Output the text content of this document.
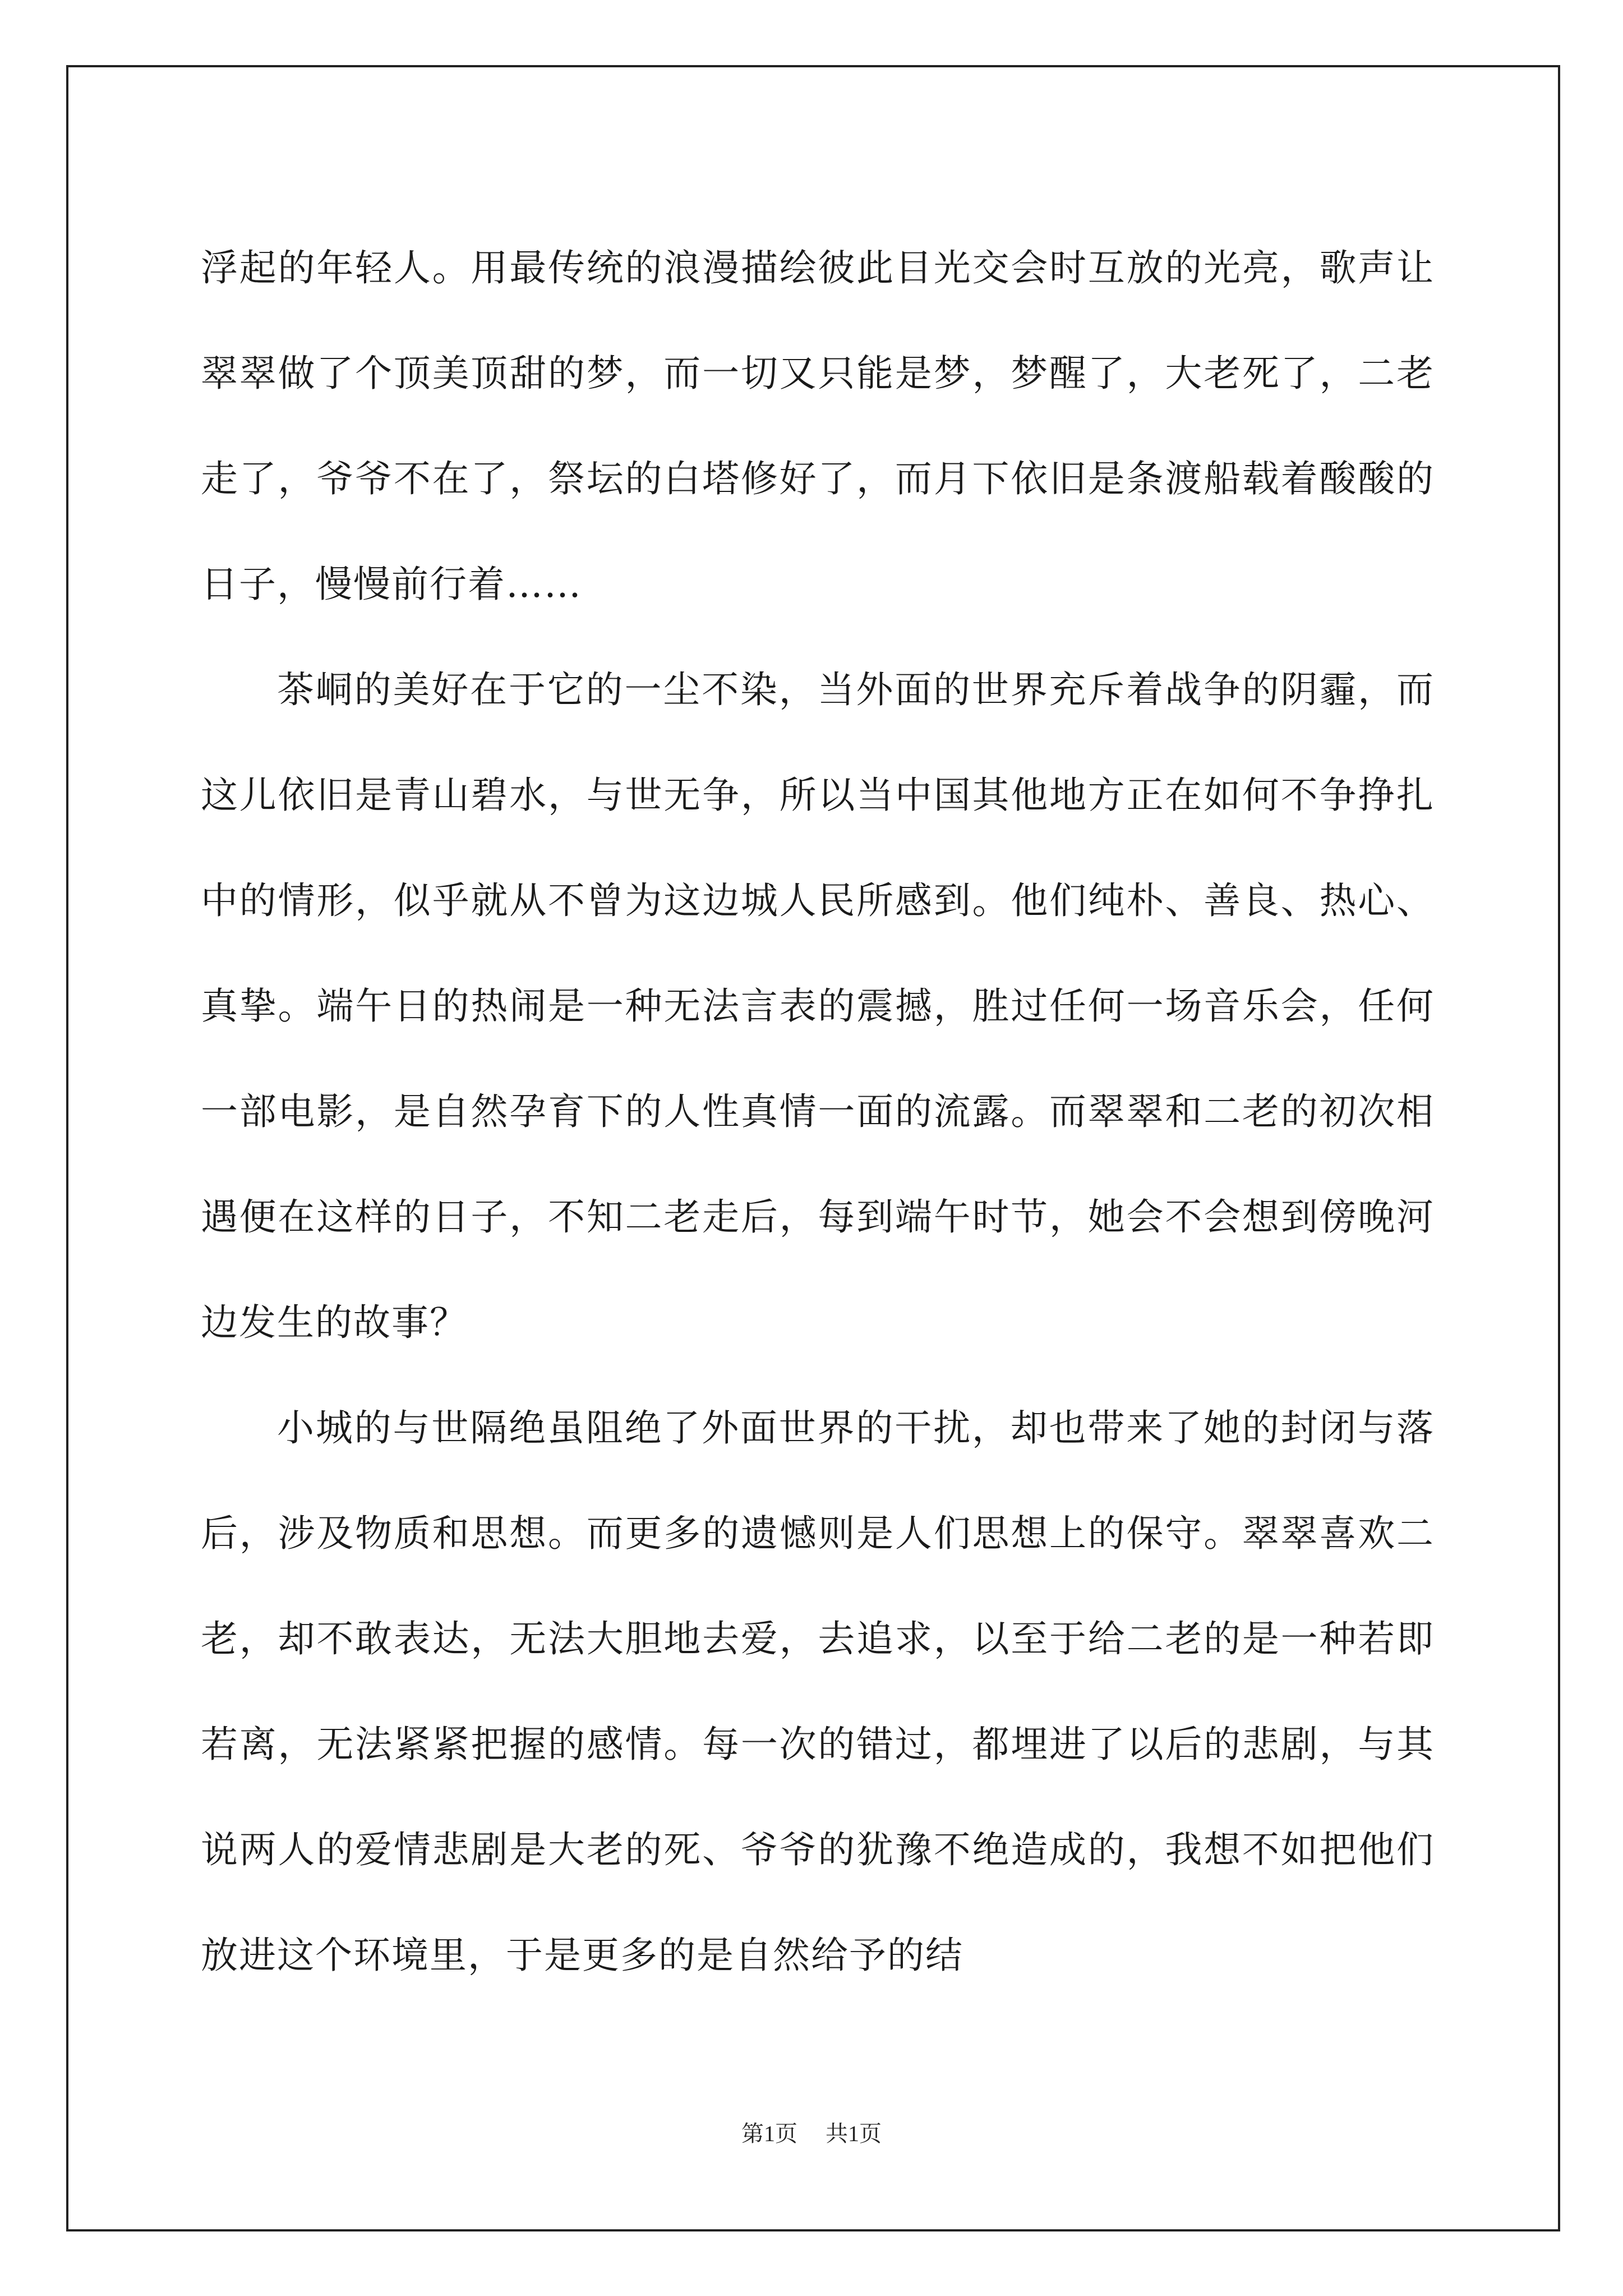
浮起的年轻人。用最传统的浪漫描绘彼此目光交会时互放的光亮，歌声让翠翠做了个顶美顶甜的梦，而一切又只能是梦，梦醒了，大老死了，二老走了，爷爷不在了，祭坛的白塔修好了，而月下依旧是条渡船载着酸酸的日子，慢慢前行着……

茶峒的美好在于它的一尘不染，当外面的世界充斥着战争的阴霾，而这儿依旧是青山碧水，与世无争，所以当中国其他地方正在如何不争挣扎中的情形，似乎就从不曾为这边城人民所感到。他们纯朴、善良、热心、真挚。端午日的热闹是一种无法言表的震撼，胜过任何一场音乐会，任何一部电影，是自然孕育下的人性真情一面的流露。而翠翠和二老的初次相遇便在这样的日子，不知二老走后，每到端午时节，她会不会想到傍晚河边发生的故事？

小城的与世隔绝虽阻绝了外面世界的干扰，却也带来了她的封闭与落后，涉及物质和思想。而更多的遗憾则是人们思想上的保守。翠翠喜欢二老，却不敢表达，无法大胆地去爱，去追求，以至于给二老的是一种若即若离，无法紧紧把握的感情。每一次的错过，都埋进了以后的悲剧，与其说两人的爱情悲剧是大老的死、爷爷的犹豫不绝造成的，我想不如把他们放进这个环境里，于是更多的是自然给予的结

第1页 共1页
